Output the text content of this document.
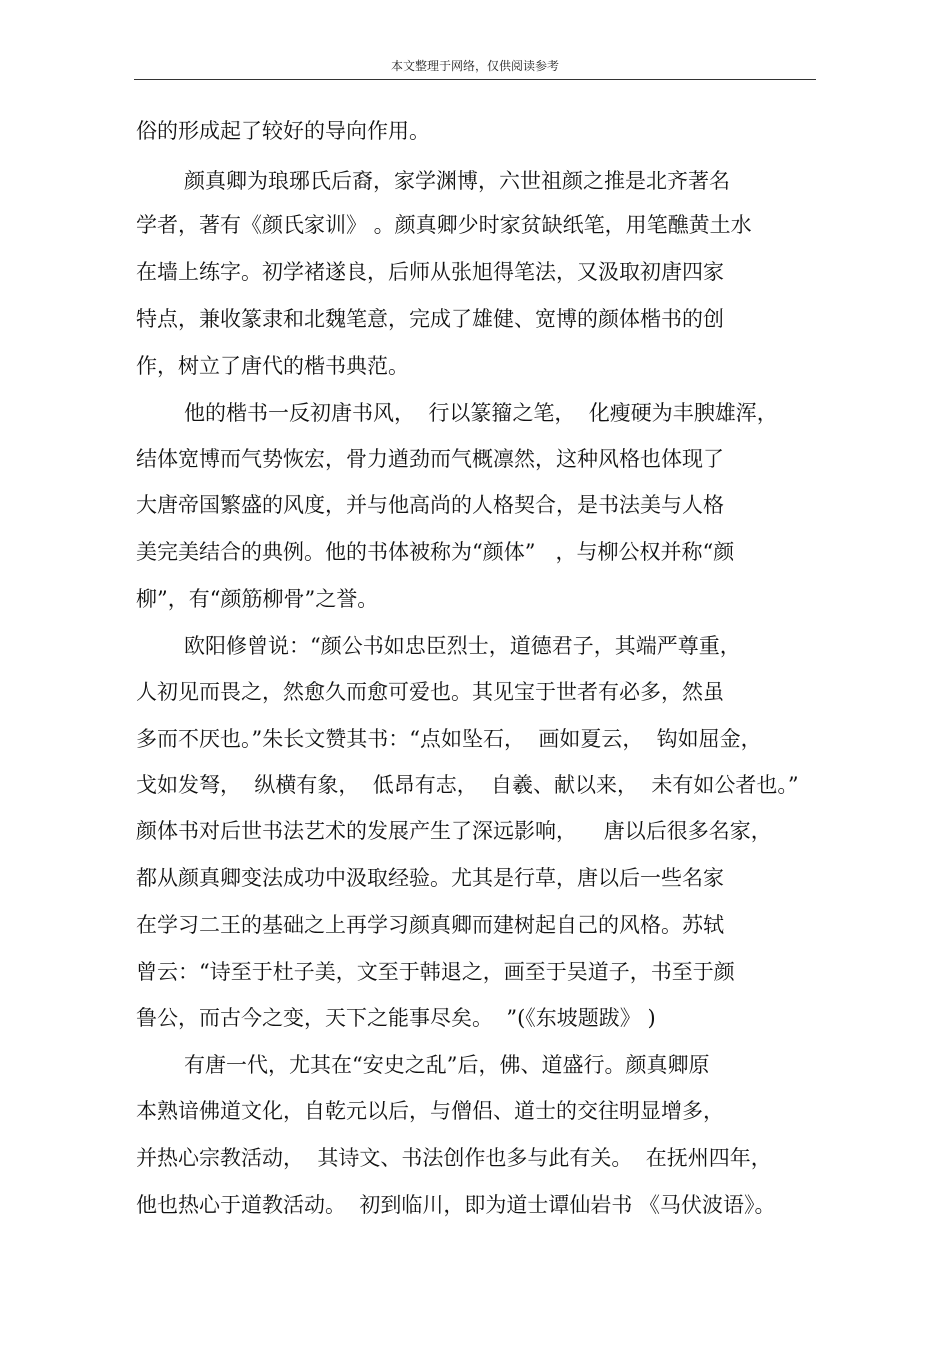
本文整理于网络，仅供阅读参考
俗的形成起了较好的导向作用。
颜真卿为琅琊氏后裔，家学渊博，六世祖颜之推是北齐著名
学者，著有《颜氏家训》 。颜真卿少时家贫缺纸笔，用笔醮黄土水
在墙上练字。初学褚遂良，后师从张旭得笔法，又汲取初唐四家
特点，兼收篆隶和北魏笔意，完成了雄健、宽博的颜体楷书的创
作，树立了唐代的楷书典范。
他的楷书一反初唐书风，  行以篆籀之笔，  化瘦硬为丰腴雄浑，
结体宽博而气势恢宏，骨力遒劲而气概凛然，这种风格也体现了
大唐帝国繁盛的风度，并与他高尚的人格契合，是书法美与人格
美完美结合的典例。他的书体被称为“颜体”   ，与柳公权并称“颜
柳”，有“颜筋柳骨”之誉。
欧阳修曾说：“颜公书如忠臣烈士，道德君子，其端严尊重，
人初见而畏之，然愈久而愈可爱也。其见宝于世者有必多，然虽
多而不厌也。”朱长文赞其书：“点如坠石，  画如夏云，  钩如屈金，
戈如发弩，  纵横有象，  低昂有志，  自羲、献以来，  未有如公者也。”
颜体书对后世书法艺术的发展产生了深远影响，    唐以后很多名家，
都从颜真卿变法成功中汲取经验。尤其是行草，唐以后一些名家
在学习二王的基础之上再学习颜真卿而建树起自己的风格。苏轼
曾云：“诗至于杜子美，文至于韩退之，画至于吴道子，书至于颜
鲁公，而古今之变，天下之能事尽矣。  ”(《东坡题跋》 )
有唐一代，尤其在“安史之乱”后，佛、道盛行。颜真卿原
本熟谙佛道文化，自乾元以后，与僧侣、道士的交往明显增多，
并热心宗教活动，  其诗文、书法创作也多与此有关。  在抚州四年，
他也热心于道教活动。  初到临川，即为道士谭仙岩书 《马伏波语》。
